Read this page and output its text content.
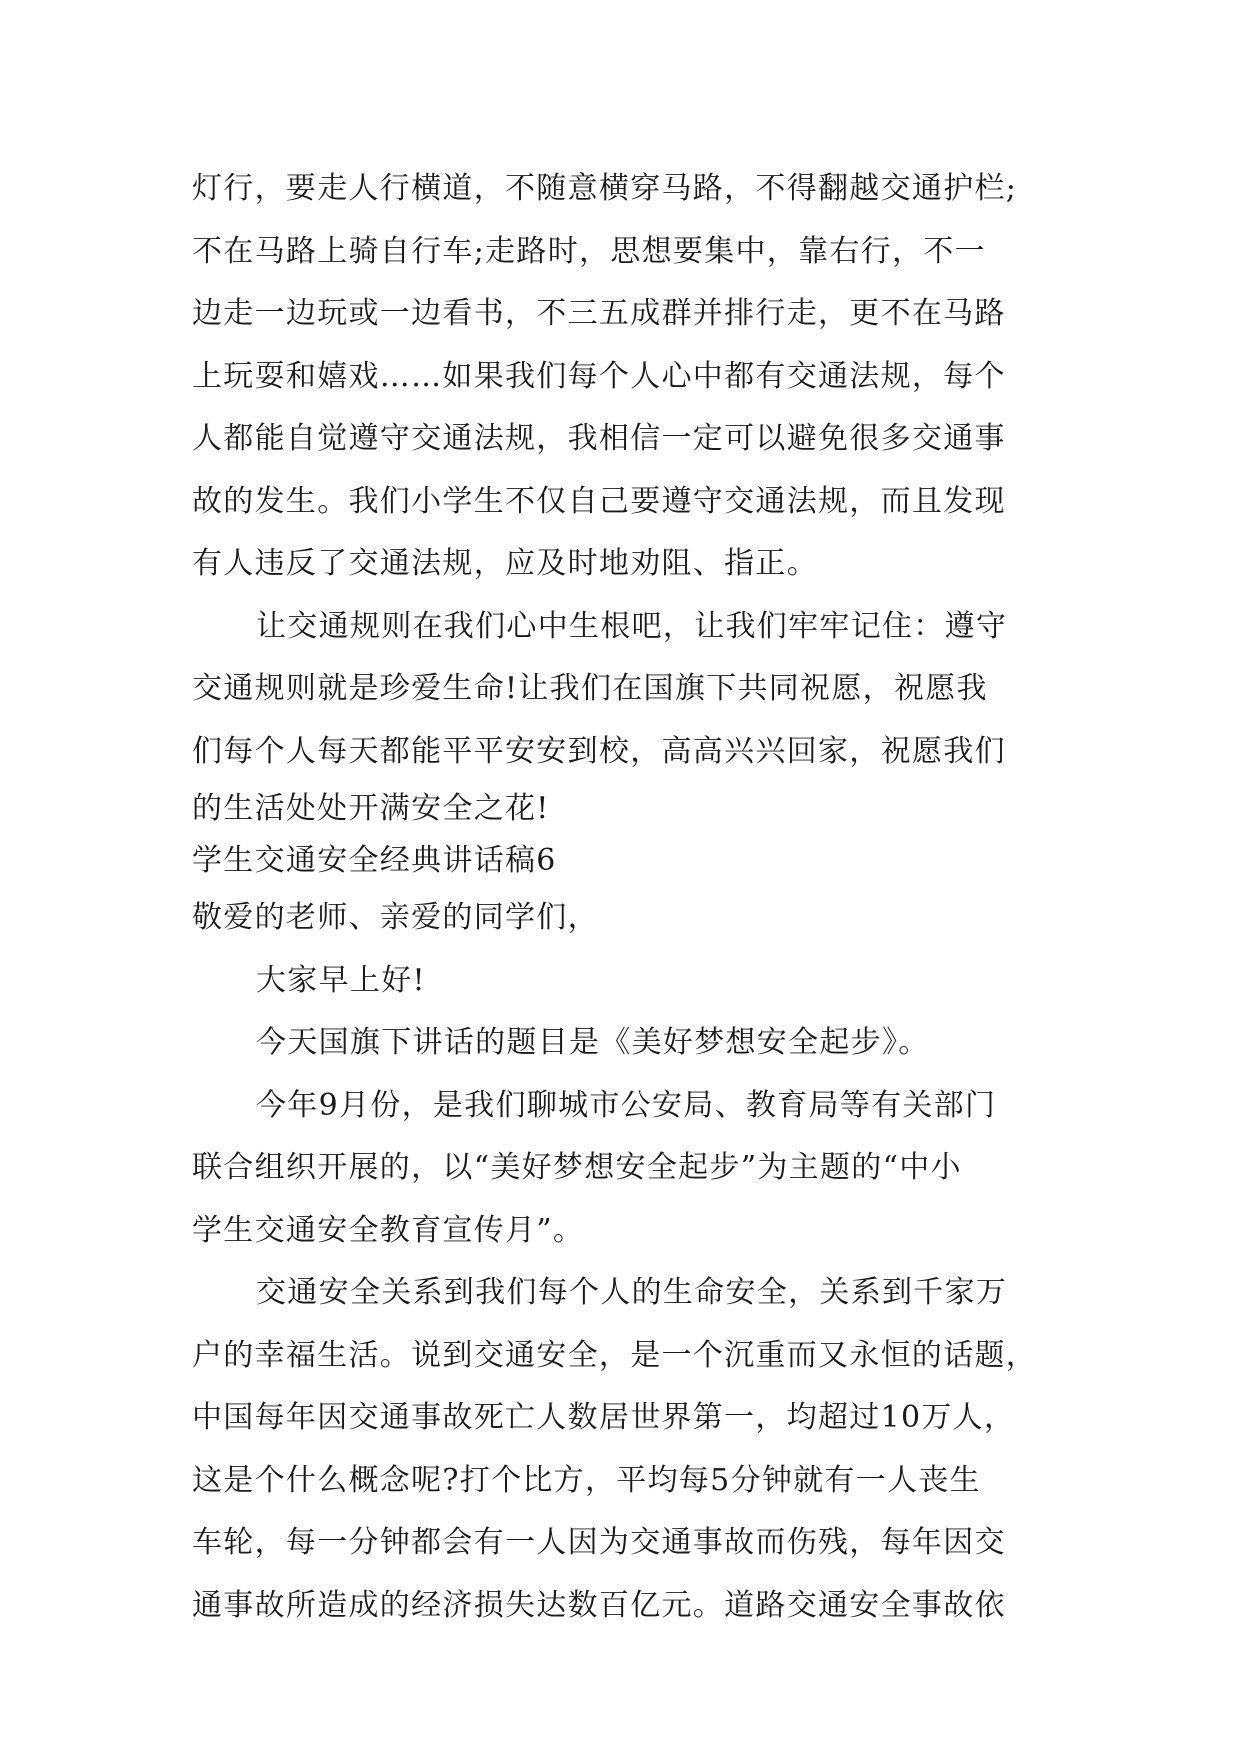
灯行，要走人行横道，不随意横穿马路，不得翻越交通护栏;
不在马路上骑自行车;走路时，思想要集中，靠右行，不一
边走一边玩或一边看书，不三五成群并排行走，更不在马路
上玩耍和嬉戏……如果我们每个人心中都有交通法规，每个
人都能自觉遵守交通法规，我相信一定可以避免很多交通事
故的发生。我们小学生不仅自己要遵守交通法规，而且发现
有人违反了交通法规，应及时地劝阻、指正。
让交通规则在我们心中生根吧，让我们牢牢记住：遵守
交通规则就是珍爱生命!让我们在国旗下共同祝愿，祝愿我
们每个人每天都能平平安安到校，高高兴兴回家，祝愿我们
的生活处处开满安全之花!
学生交通安全经典讲话稿6
敬爱的老师、亲爱的同学们，
大家早上好!
今天国旗下讲话的题目是《美好梦想安全起步》。
今年9月份，是我们聊城市公安局、教育局等有关部门
联合组织开展的，以“美好梦想安全起步”为主题的“中小
学生交通安全教育宣传月”。
交通安全关系到我们每个人的生命安全，关系到千家万
户的幸福生活。说到交通安全，是一个沉重而又永恒的话题，
中国每年因交通事故死亡人数居世界第一，均超过10万人，
这是个什么概念呢?打个比方，平均每5分钟就有一人丧生
车轮，每一分钟都会有一人因为交通事故而伤残，每年因交
通事故所造成的经济损失达数百亿元。道路交通安全事故依
